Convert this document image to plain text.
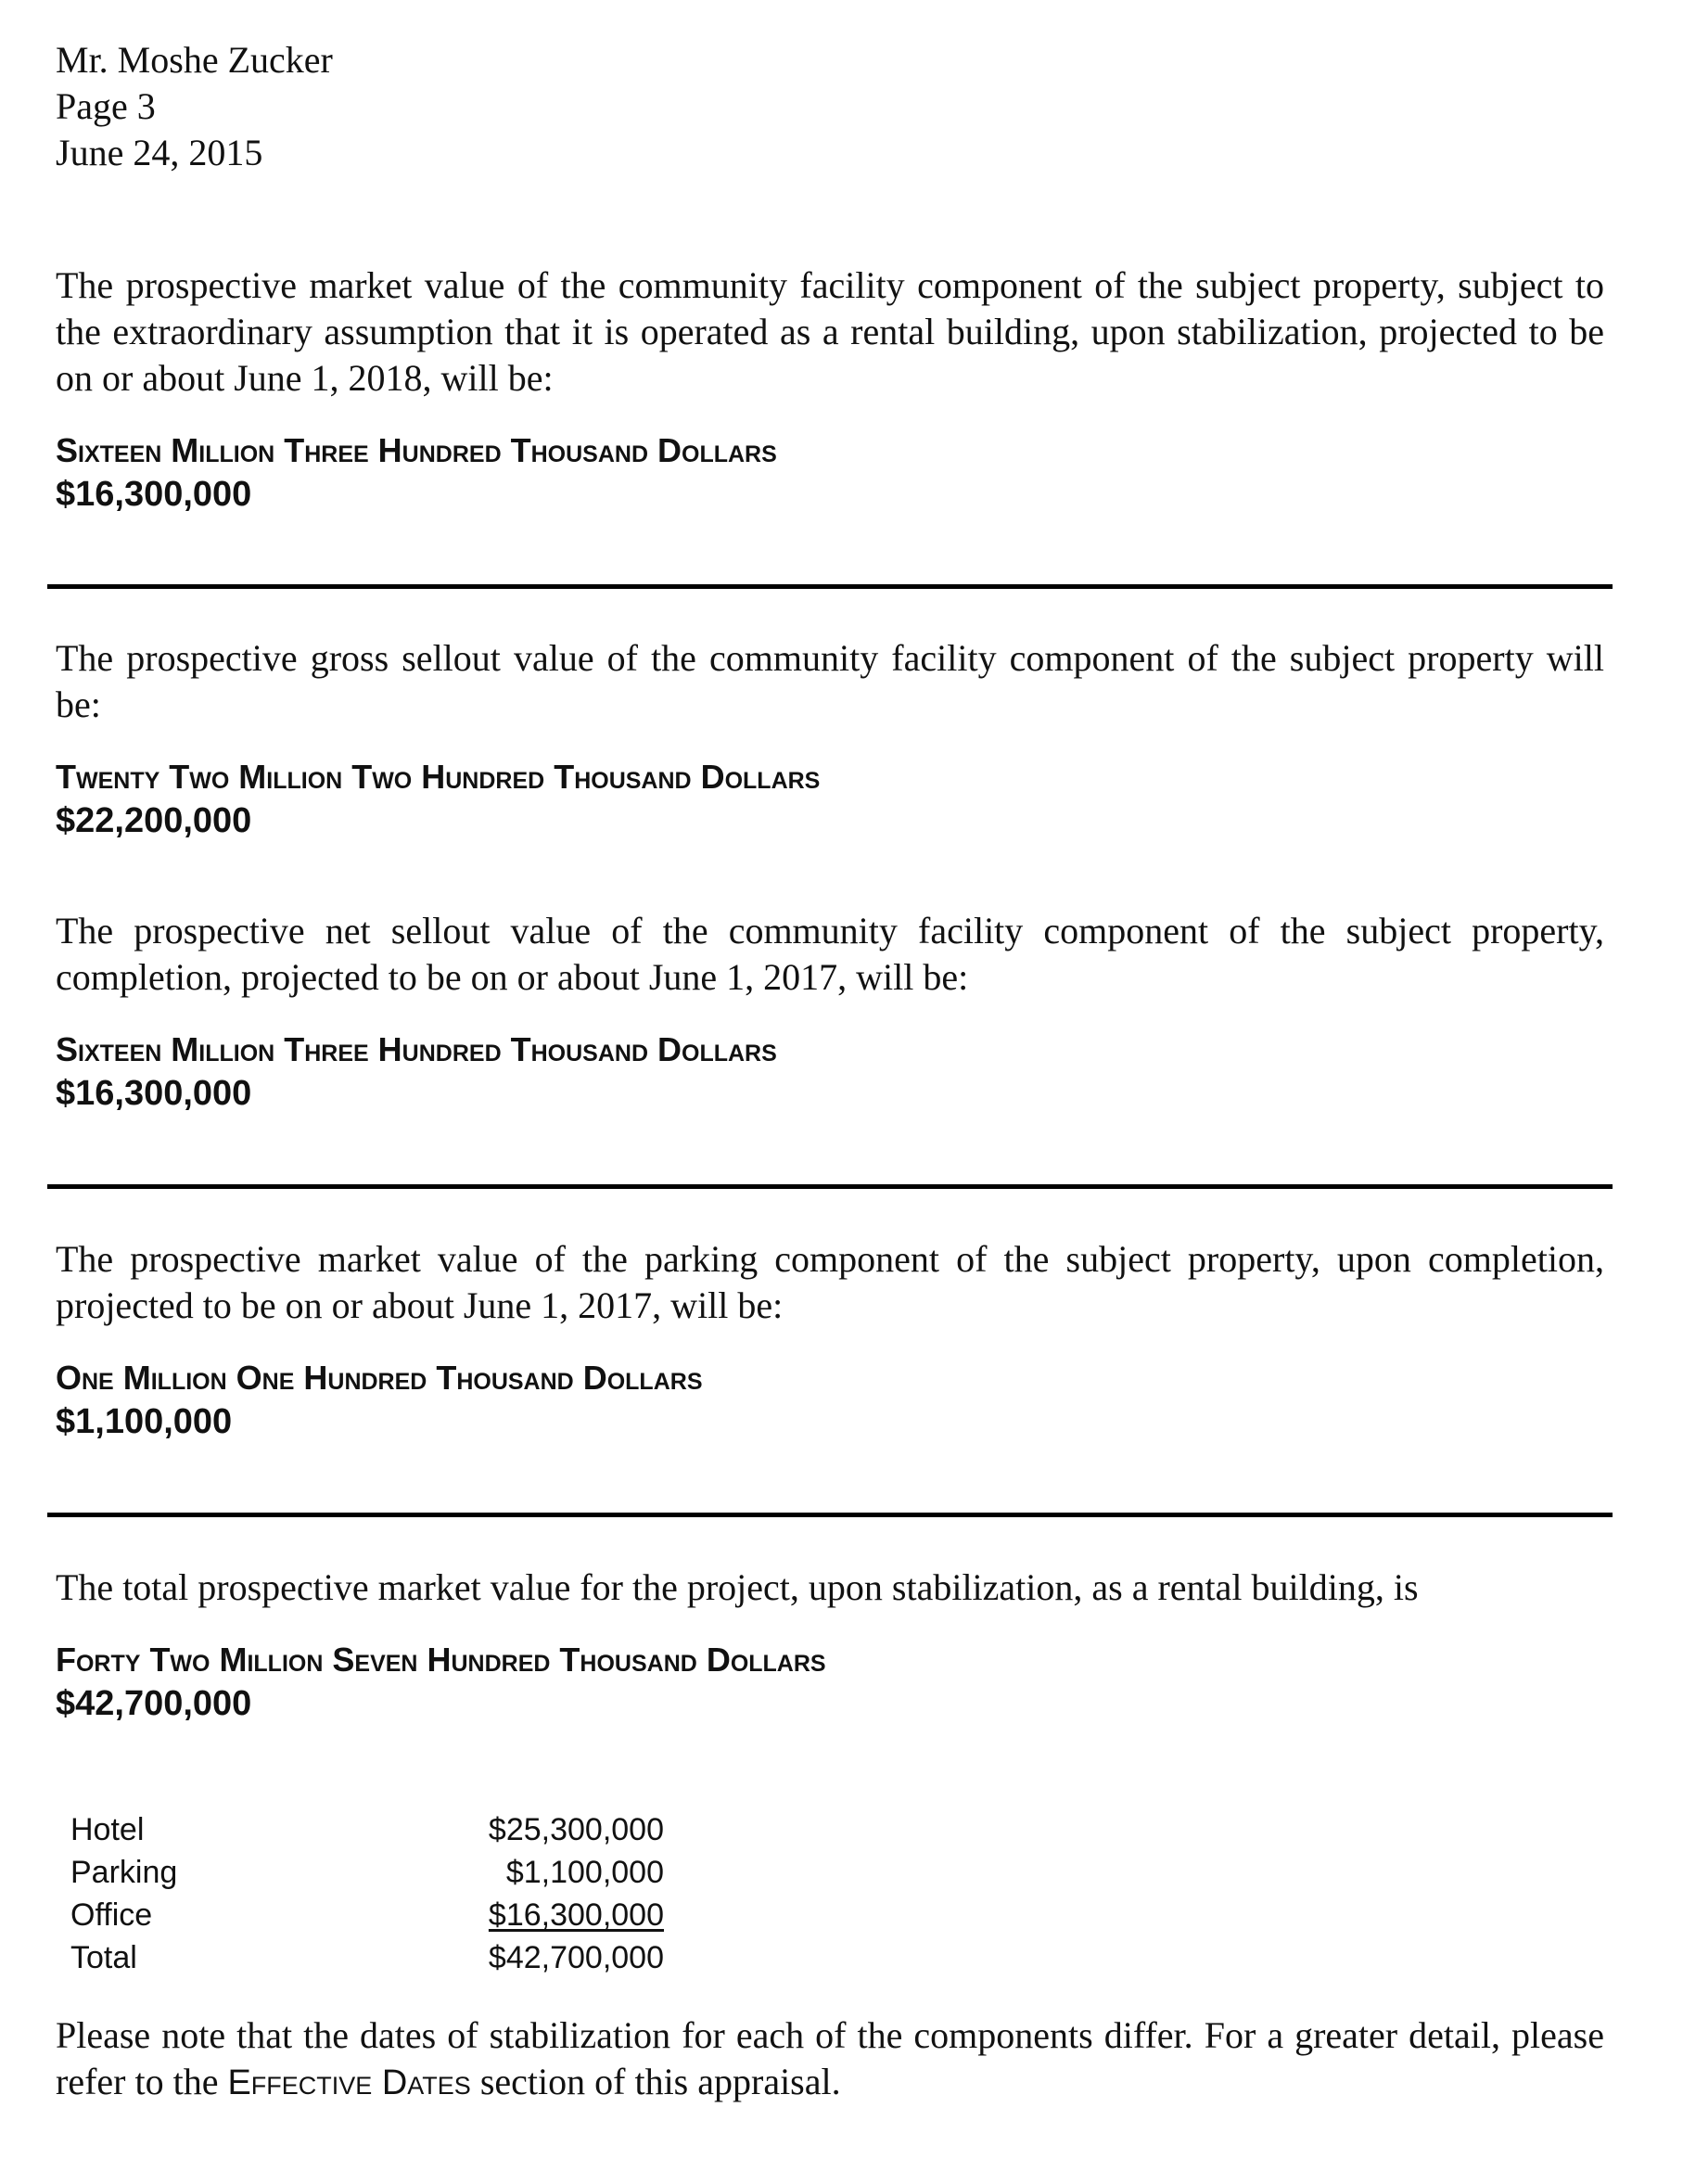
Mr. Moshe Zucker
Page 3
June 24, 2015

The prospective market value of the community facility component of the subject property, subject to the extraordinary assumption that it is operated as a rental building, upon stabilization, projected to be on or about June 1, 2018, will be:

Sixteen Million Three Hundred Thousand Dollars

$16,300,000

The prospective gross sellout value of the community facility component of the subject property will be:

Twenty Two Million Two Hundred Thousand Dollars

$22,200,000

The prospective net sellout value of the community facility component of the subject property, completion, projected to be on or about June 1, 2017, will be:

Sixteen Million Three Hundred Thousand Dollars

$16,300,000

The prospective market value of the parking component of the subject property, upon completion, projected to be on or about June 1, 2017, will be:

One Million One Hundred Thousand Dollars

$1,100,000

The total prospective market value for the project, upon stabilization, as a rental building, is

Forty Two Million Seven Hundred Thousand Dollars

$42,700,000

Hotel	$25,300,000
Parking	$1,100,000
Office	$16,300,000
Total	$42,700,000

Please note that the dates of stabilization for each of the components differ. For a greater detail, please refer to the Effective Dates section of this appraisal.
